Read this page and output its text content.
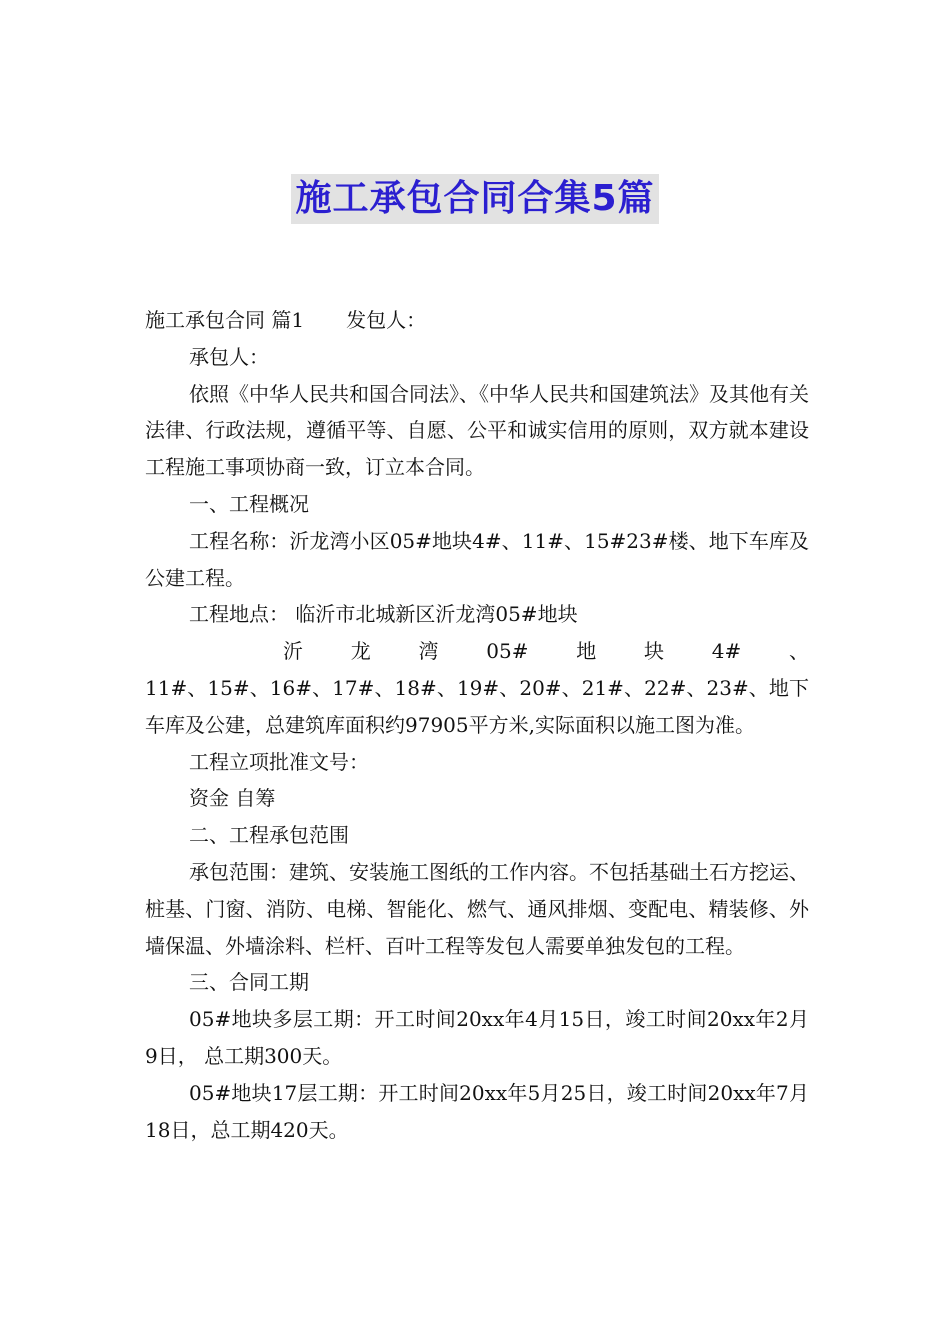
施工承包合同合集5篇

施工承包合同 篇1 发包人：

承包人：

依照《中华人民共和国合同法》、《中华人民共和国建筑法》及其他有关法律、行政法规，遵循平等、自愿、公平和诚实信用的原则，双方就本建设工程施工事项协商一致，订立本合同。

一、工程概况

工程名称：沂龙湾小区05#地块4#、11#、15#23#楼、地下车库及公建工程。

工程地点： 临沂市北城新区沂龙湾05#地块

沂 龙 湾 05# 地 块 4# 、

11#、15#、16#、17#、18#、19#、20#、21#、22#、23#、地下车库及公建，总建筑库面积约97905平方米,实际面积以施工图为准。

工程立项批准文号：

资金 自筹

二、工程承包范围

承包范围：建筑、安装施工图纸的工作内容。不包括基础土石方挖运、桩基、门窗、消防、电梯、智能化、燃气、通风排烟、变配电、精装修、外墙保温、外墙涂料、栏杆、百叶工程等发包人需要单独发包的工程。

三、合同工期

05#地块多层工期：开工时间20xx年4月15日，竣工时间20xx年2月9日， 总工期300天。

05#地块17层工期：开工时间20xx年5月25日，竣工时间20xx年7月18日，总工期420天。
